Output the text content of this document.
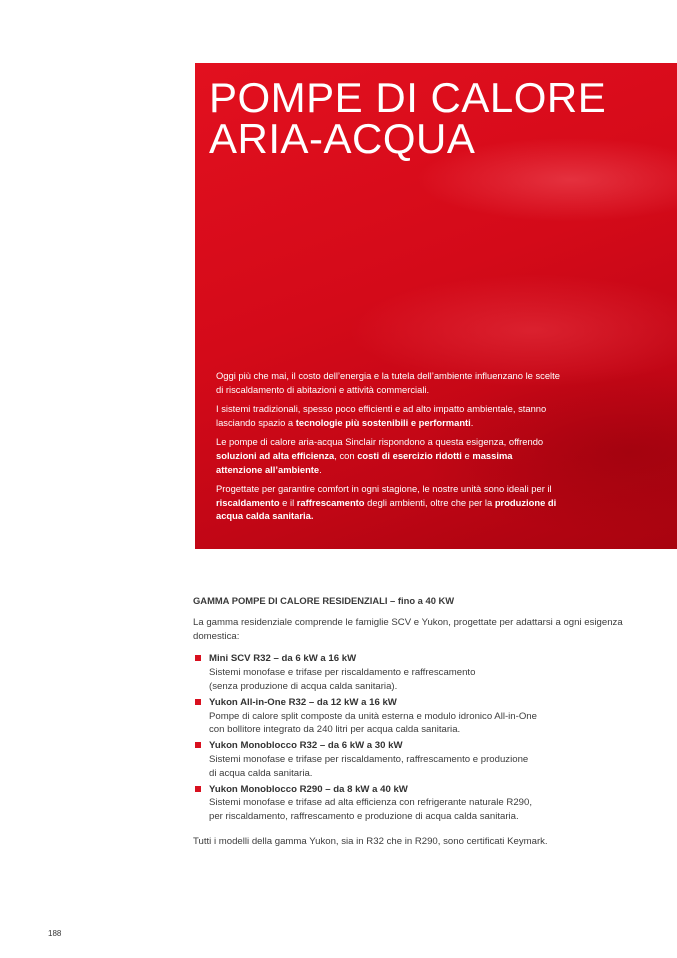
POMPE DI CALORE
ARIA-ACQUA

Oggi più che mai, il costo dell’energia e la tutela dell’ambiente influenzano le scelte di riscaldamento di abitazioni e attività commerciali.

I sistemi tradizionali, spesso poco efficienti e ad alto impatto ambientale, stanno lasciando spazio a tecnologie più sostenibili e performanti.

Le pompe di calore aria-acqua Sinclair rispondono a questa esigenza, offrendo soluzioni ad alta efficienza, con costi di esercizio ridotti e massima attenzione all’ambiente.

Progettate per garantire comfort in ogni stagione, le nostre unità sono ideali per il riscaldamento e il raffrescamento degli ambienti, oltre che per la produzione di acqua calda sanitaria.

GAMMA POMPE DI CALORE RESIDENZIALI – fino a 40 KW

La gamma residenziale comprende le famiglie SCV e Yukon, progettate per adattarsi a ogni esigenza domestica:

Mini SCV R32 – da 6 kW a 16 kW
Sistemi monofase e trifase per riscaldamento e raffrescamento
(senza produzione di acqua calda sanitaria).
Yukon All-in-One R32 – da 12 kW a 16 kW
Pompe di calore split composte da unità esterna e modulo idronico All-in-One
con bollitore integrato da 240 litri per acqua calda sanitaria.
Yukon Monoblocco R32 – da 6 kW a 30 kW
Sistemi monofase e trifase per riscaldamento, raffrescamento e produzione
di acqua calda sanitaria.
Yukon Monoblocco R290 – da 8 kW a 40 kW
Sistemi monofase e trifase ad alta efficienza con refrigerante naturale R290,
per riscaldamento, raffrescamento e produzione di acqua calda sanitaria.

Tutti i modelli della gamma Yukon, sia in R32 che in R290, sono certificati Keymark.

188
